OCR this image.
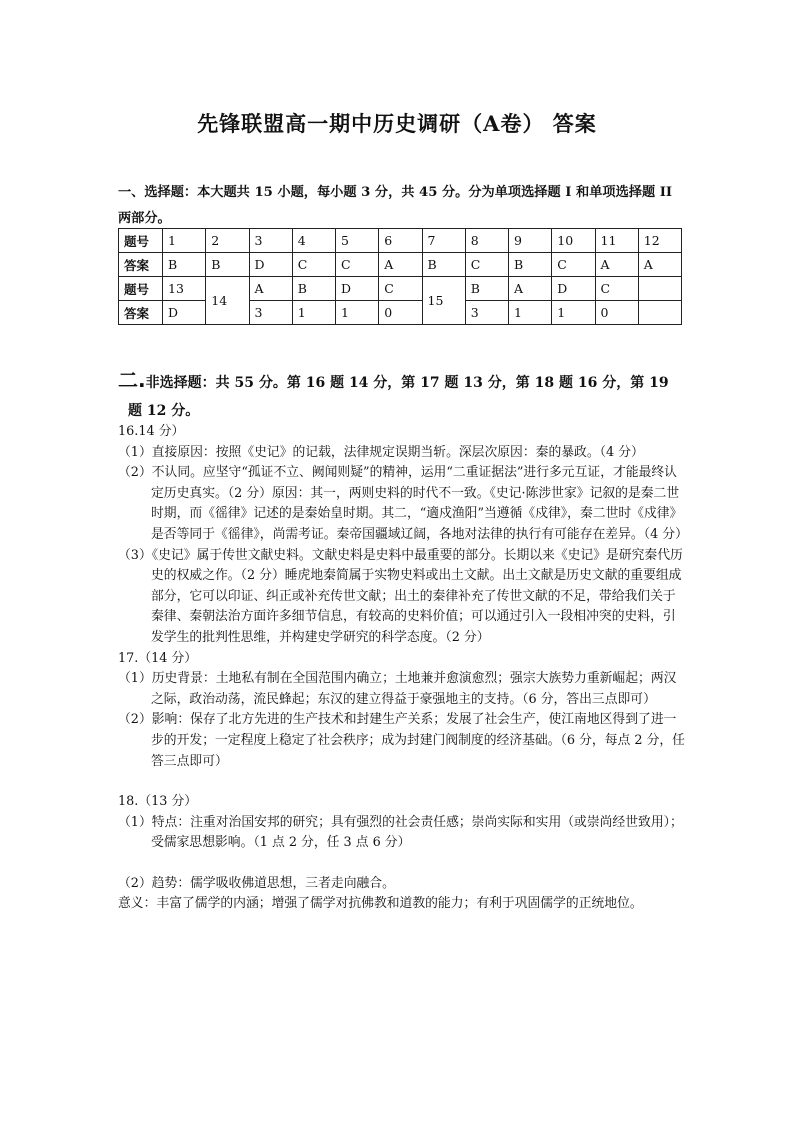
先锋联盟高一期中历史调研（A卷） 答案
一、选择题：本大题共 15 小题，每小题 3 分，共 45 分。分为单项选择题 I 和单项选择题 II
两部分。
题号	1	2	3	4	5	6	7	8	9	10	11	12
答案	B	B	D	C	C	A	B	C	B	C	A	A
题号	13	14	A	B	D	C	15	B	A	D	C	
答案	D		3	1	1	0		3	1	1	0	
二.非选择题：共 55 分。第 16 题 14 分，第 17 题 13 分，第 18 题 16 分，第 19
题 12 分。

16.14 分）

（1）直接原因：按照《史记》的记载，法律规定误期当斩。深层次原因：秦的暴政。（4 分）

（2）不认同。应坚守“孤证不立、阙闻则疑”的精神，运用“二重证据法”进行多元互证，才能最终认定历史真实。（2 分）原因：其一，两则史料的时代不一致。《史记·陈涉世家》记叙的是秦二世时期，而《徭律》记述的是秦始皇时期。其二，“適戍渔阳”当遵循《戍律》，秦二世时《戍律》是否等同于《徭律》，尚需考证。秦帝国疆域辽阔，各地对法律的执行有可能存在差异。（4 分）

（3）《史记》属于传世文献史料。文献史料是史料中最重要的部分。长期以来《史记》是研究秦代历史的权威之作。（2 分）睡虎地秦简属于实物史料或出土文献。出土文献是历史文献的重要组成部分，它可以印证、纠正或补充传世文献；出土的秦律补充了传世文献的不足，带给我们关于秦律、秦朝法治方面许多细节信息，有较高的史料价值；可以通过引入一段相冲突的史料，引发学生的批判性思维，并构建史学研究的科学态度。（2 分）

17.（14 分）

（1）历史背景：土地私有制在全国范围内确立；土地兼并愈演愈烈；强宗大族势力重新崛起；两汉之际，政治动荡，流民蜂起；东汉的建立得益于豪强地主的支持。（6 分，答出三点即可）

（2）影响：保存了北方先进的生产技术和封建生产关系；发展了社会生产，使江南地区得到了进一步的开发；一定程度上稳定了社会秩序；成为封建门阀制度的经济基础。（6 分，每点 2 分，任答三点即可）

18.（13 分）

（1）特点：注重对治国安邦的研究；具有强烈的社会责任感；崇尚实际和实用（或崇尚经世致用）；受儒家思想影响。（1 点 2 分，任 3 点 6 分）

（2）趋势：儒学吸收佛道思想，三者走向融合。

意义：丰富了儒学的内涵；增强了儒学对抗佛教和道教的能力；有利于巩固儒学的正统地位。
